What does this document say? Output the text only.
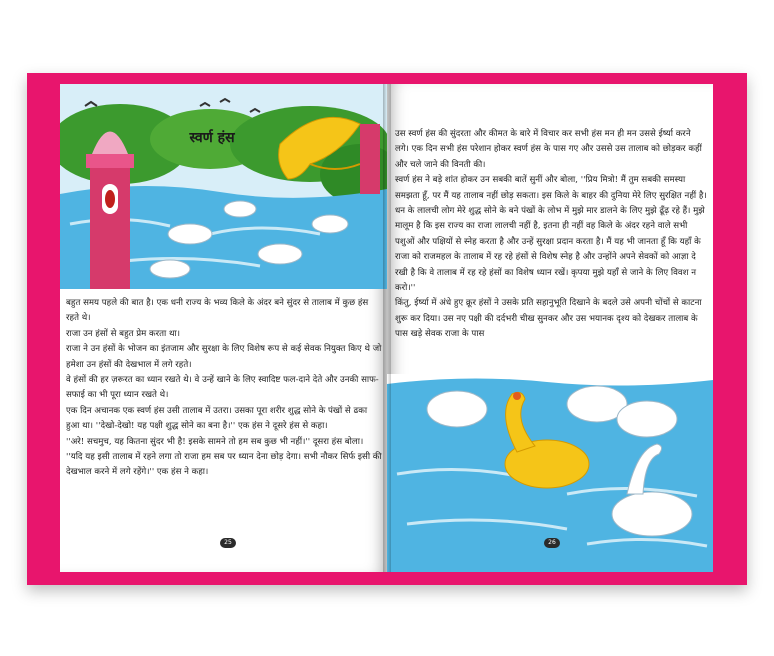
स्वर्ण हंस

बहुत समय पहले की बात है। एक धनी राज्य के भव्य किले के अंदर बने सुंदर से तालाब में कुछ हंस रहते थे।

राजा उन हंसों से बहुत प्रेम करता था।

राजा ने उन हंसों के भोजन का इंतजाम और सुरक्षा के लिए विशेष रूप से कई सेवक नियुक्त किए थे जो हमेशा उन हंसों की देखभाल में लगे रहते।

वे हंसों की हर ज़रूरत का ध्यान रखते थे। वे उन्हें खाने के लिए स्वादिष्ट फल-दाने देते और उनकी साफ-सफाई का भी पूरा ध्यान रखते थे।

एक दिन अचानक एक स्वर्ण हंस उसी तालाब में उतरा। उसका पूरा शरीर शुद्ध सोने के पंखों से ढका हुआ था। ''देखो-देखो! यह पक्षी शुद्ध सोने का बना है।'' एक हंस ने दूसरे हंस से कहा।

''अरे! सचमुच, यह कितना सुंदर भी है! इसके सामने तो हम सब कुछ भी नहीं।'' दूसरा हंस बोला।

''यदि यह इसी तालाब में रहने लगा तो राजा हम सब पर ध्यान देना छोड़ देगा। सभी नौकर सिर्फ इसी की देखभाल करने में लगे रहेंगे।'' एक हंस ने कहा।

25

उस स्वर्ण हंस की सुंदरता और कीमत के बारे में विचार कर सभी हंस मन ही मन उससे ईर्ष्या करने लगे। एक दिन सभी हंस परेशान होकर स्वर्ण हंस के पास गए और उससे उस तालाब को छोड़कर कहीं और चले जाने की विनती की।

स्वर्ण हंस ने बड़े शांत होकर उन सबकी बातें सुनीं और बोला, ''प्रिय मित्रो! मैं तुम सबकी समस्या समझता हूँ, पर मैं यह तालाब नहीं छोड़ सकता। इस किले के बाहर की दुनिया मेरे लिए सुरक्षित नहीं है। धन के लालची लोग मेरे शुद्ध सोने के बने पंखों के लोभ में मुझे मार डालने के लिए मुझे ढूँढ़ रहे हैं। मुझे मालूम है कि इस राज्य का राजा लालची नहीं है, इतना ही नहीं वह किले के अंदर रहने वाले सभी पशुओं और पक्षियों से स्नेह करता है और उन्हें सुरक्षा प्रदान करता है। मैं यह भी जानता हूँ कि यहाँ के राजा को राजमहल के तालाब में रह रहे हंसों से विशेष स्नेह है और उन्होंने अपने सेवकों को आज्ञा दे रखी है कि वे तालाब में रह रहे हंसों का विशेष ध्यान रखें। कृपया मुझे यहाँ से जाने के लिए विवश न करो।''

किंतु, ईर्ष्या में अंधे हुए क्रूर हंसों ने उसके प्रति सहानुभूति दिखाने के बदले उसे अपनी चोंचों से काटना शुरू कर दिया। उस नए पक्षी की दर्दभरी चीख सुनकर और उस भयानक दृश्य को देखकर तालाब के पास खड़े सेवक राजा के पास

26
